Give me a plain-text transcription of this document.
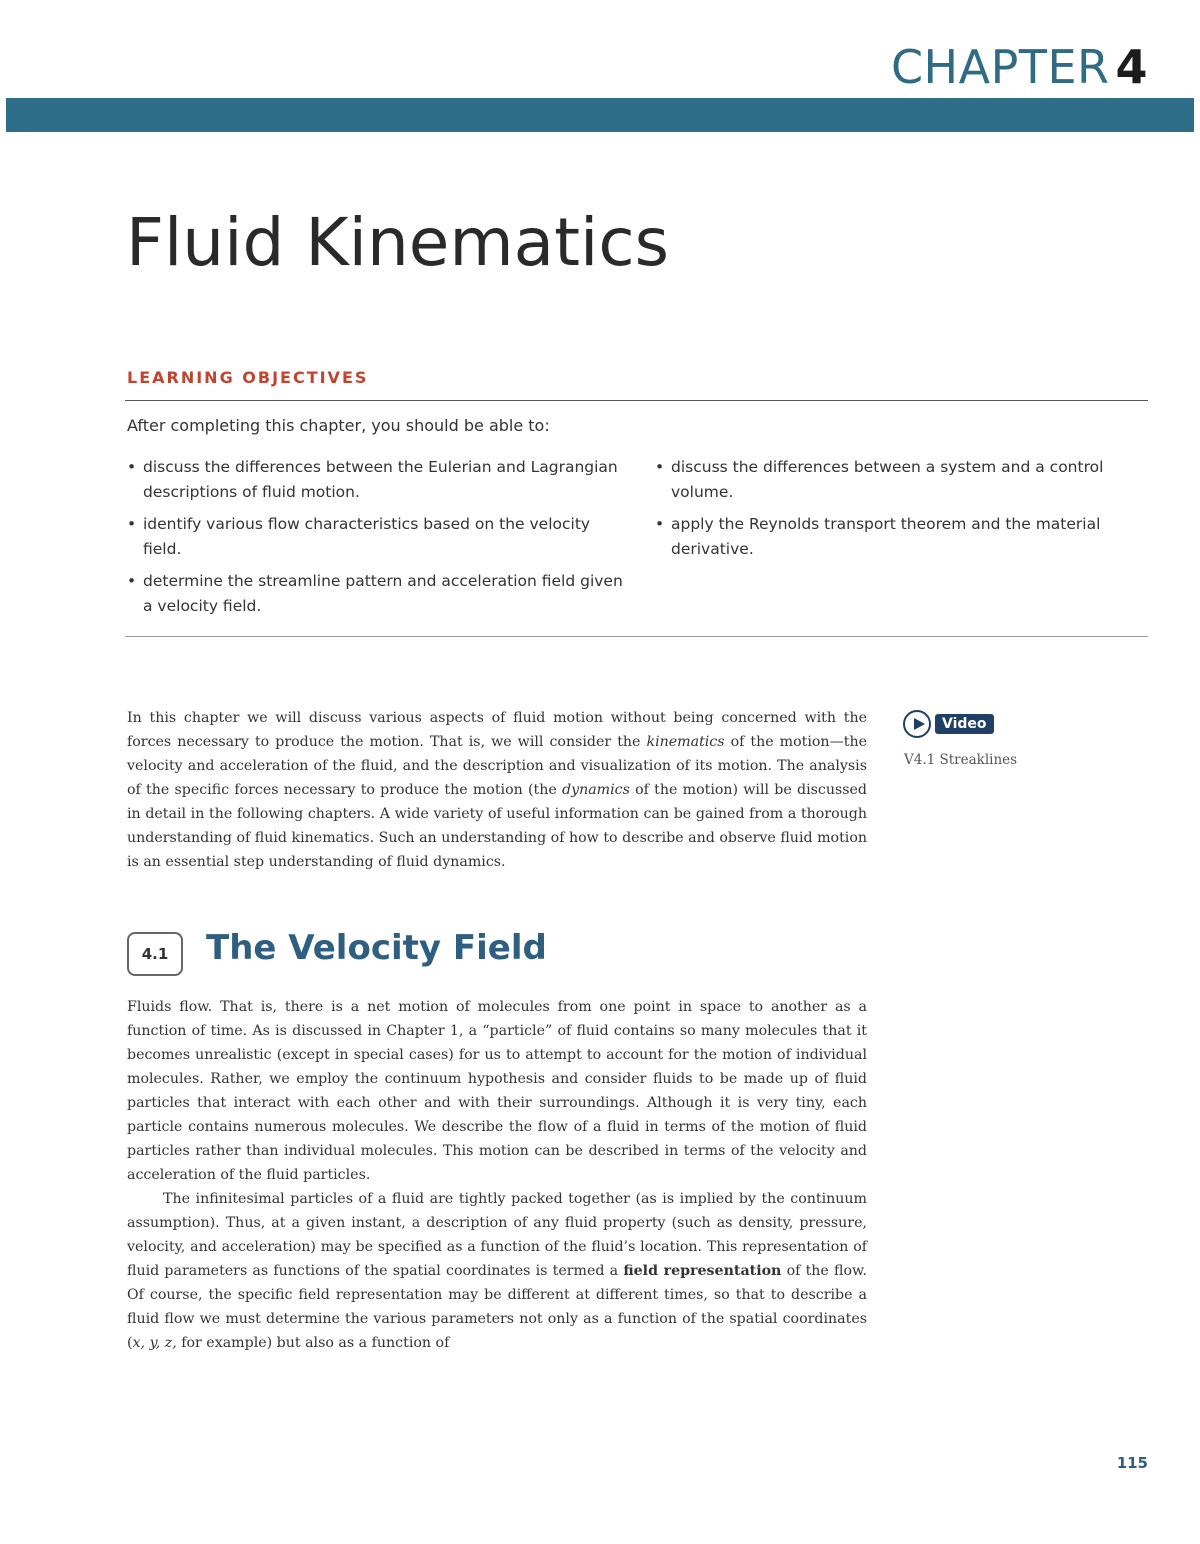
CHAPTER 4
Fluid Kinematics
LEARNING OBJECTIVES

After completing this chapter, you should be able to:

• discuss the differences between the Eulerian and Lagrangian descriptions of fluid motion.
• identify various flow characteristics based on the velocity field.
• determine the streamline pattern and acceleration field given a velocity field.
• discuss the differences between a system and a control volume.
• apply the Reynolds transport theorem and the material derivative.

In this chapter we will discuss various aspects of fluid motion without being concerned with the forces necessary to produce the motion. That is, we will consider the kinematics of the motion—the velocity and acceleration of the fluid, and the description and visualization of its motion. The analysis of the specific forces necessary to produce the motion (the dynamics of the motion) will be discussed in detail in the following chapters. A wide variety of useful information can be gained from a thorough understanding of fluid kinematics. Such an understanding of how to describe and observe fluid motion is an essential step understanding of fluid dynamics.

Video

V4.1 Streaklines

4.1	The Velocity Field

Fluids flow. That is, there is a net motion of molecules from one point in space to another as a function of time. As is discussed in Chapter 1, a “particle” of fluid contains so many molecules that it becomes unrealistic (except in special cases) for us to attempt to account for the motion of individual molecules. Rather, we employ the continuum hypothesis and consider fluids to be made up of fluid particles that interact with each other and with their surroundings. Although it is very tiny, each particle contains numerous molecules. We describe the flow of a fluid in terms of the motion of fluid particles rather than individual molecules. This motion can be described in terms of the velocity and acceleration of the fluid particles.

The infinitesimal particles of a fluid are tightly packed together (as is implied by the continuum assumption). Thus, at a given instant, a description of any fluid property (such as density, pressure, velocity, and acceleration) may be specified as a function of the fluid’s location. This representation of fluid parameters as functions of the spatial coordinates is termed a field representation of the flow. Of course, the specific field representation may be different at different times, so that to describe a fluid flow we must determine the various parameters not only as a function of the spatial coordinates (x, y, z, for example) but also as a function of

115
